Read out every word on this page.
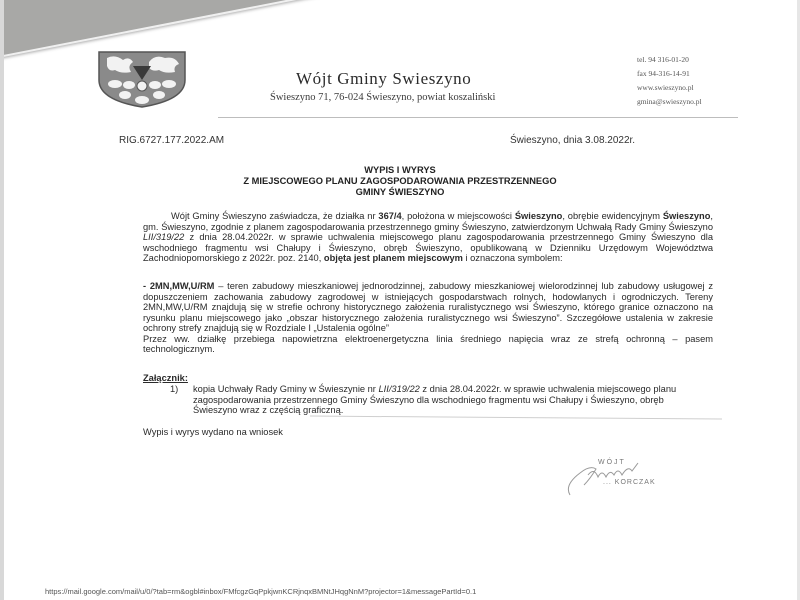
Wójt Gminy Swieszyno
Świeszyno 71, 76-024 Świeszyno, powiat koszaliński
tel. 94 316-01-20
fax 94-316-14-91
www.swieszyno.pl
gmina@swieszyno.pl
RIG.6727.177.2022.AM	Świeszyno, dnia 3.08.2022r.
WYPIS I WYRYS
Z MIEJSCOWEGO PLANU ZAGOSPODAROWANIA PRZESTRZENNEGO
GMINY ŚWIESZYNO
Wójt Gminy Świeszyno zaświadcza, że działka nr 367/4, położona w miejscowości Świeszyno, obrębie ewidencyjnym Świeszyno, gm. Świeszyno, zgodnie z planem zagospodarowania przestrzennego gminy Świeszyno, zatwierdzonym Uchwałą Rady Gminy Świeszyno LII/319/22 z dnia 28.04.2022r. w sprawie uchwalenia miejscowego planu zagospodarowania przestrzennego Gminy Świeszyno dla wschodniego fragmentu wsi Chałupy i Świeszyno, obręb Świeszyno, opublikowaną w Dzienniku Urzędowym Województwa Zachodniopomorskiego z 2022r. poz. 2140, objęta jest planem miejscowym i oznaczona symbolem:
- 2MN,MW,U/RM – teren zabudowy mieszkaniowej jednorodzinnej, zabudowy mieszkaniowej wielorodzinnej lub zabudowy usługowej z dopuszczeniem zachowania zabudowy zagrodowej w istniejących gospodarstwach rolnych, hodowlanych i ogrodniczych. Tereny 2MN,MW,U/RM znajdują się w strefie ochrony historycznego założenia ruralistycznego wsi Świeszyno, którego granice oznaczono na rysunku planu miejscowego jako „obszar historycznego założenia ruralistycznego wsi Świeszyno”. Szczegółowe ustalenia w zakresie ochrony strefy znajdują się w Rozdziale I „Ustalenia ogólne”
Przez ww. działkę przebiega napowietrzna elektroenergetyczna linia średniego napięcia wraz ze strefą ochronną – pasem technologicznym.
Załącznik:
1)	kopia Uchwały Rady Gminy w Świeszynie nr LII/319/22 z dnia 28.04.2022r. w sprawie uchwalenia miejscowego planu zagospodarowania przestrzennego Gminy Świeszyno dla wschodniego fragmentu wsi Chałupy i Świeszyno, obręb Świeszyno wraz z częścią graficzną.
Wypis i wyrys wydano na wniosek
WÓJT
... KORCZAK
https://mail.google.com/mail/u/0/?tab=rm&ogbl#inbox/FMfcgzGqPpkjwnKCRjnqxBMNtJHqgNnM?projector=1&messagePartId=0.1
